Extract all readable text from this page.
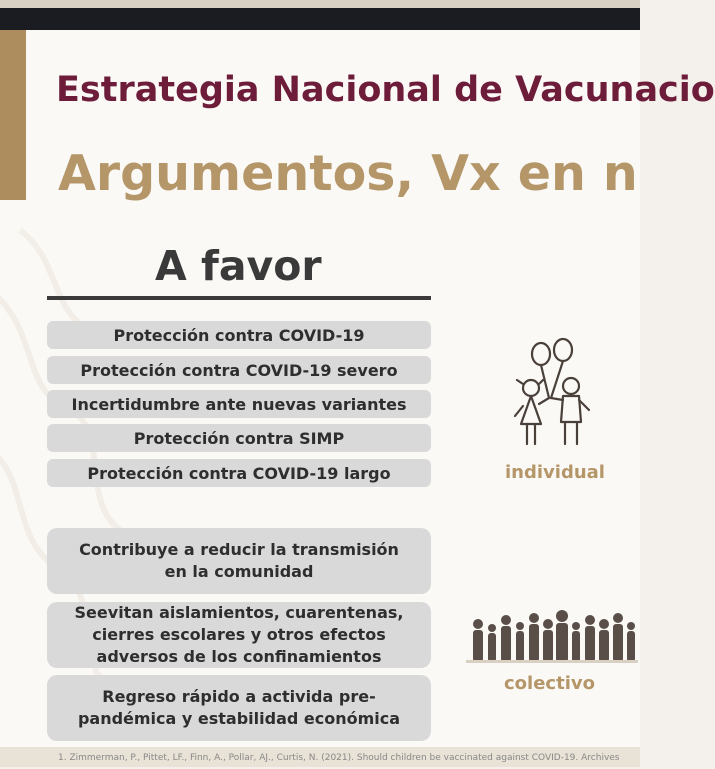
Estrategia Nacional de Vacunacio
Argumentos, Vx en n
A favor
Protección contra COVID-19
Protección contra COVID-19 severo
Incertidumbre ante nuevas variantes
Protección contra SIMP
Protección contra COVID-19 largo
Contribuye a reducir la transmisión
en la comunidad
Seevitan aislamientos, cuarentenas,
cierres escolares y otros efectos
adversos de los confinamientos
Regreso rápido a activida pre-
pandémica y estabilidad económica
individual
colectivo
1. Zimmerman, P., Pittet, LF., Finn, A., Pollar, AJ., Curtis, N. (2021). Should children be vaccinated against COVID-19. Archives
